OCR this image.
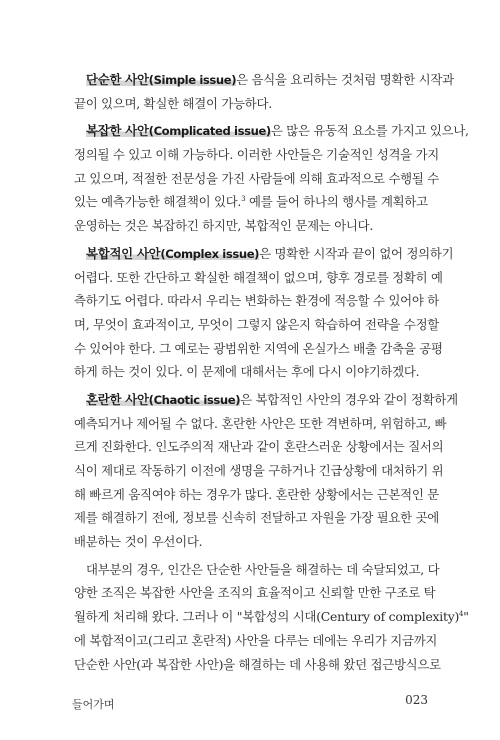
단순한 사안(Simple issue)은 음식을 요리하는 것처럼 명확한 시작과
끝이 있으며, 확실한 해결이 가능하다.
복잡한 사안(Complicated issue)은 많은 유동적 요소를 가지고 있으나,
정의될 수 있고 이해 가능하다. 이러한 사안들은 기술적인 성격을 가지
고 있으며, 적절한 전문성을 가진 사람들에 의해 효과적으로 수행될 수
있는 예측가능한 해결책이 있다.$^3$ 예를 들어 하나의 행사를 계획하고
운영하는 것은 복잡하긴 하지만, 복합적인 문제는 아니다.
복합적인 사안(Complex issue)은 명확한 시작과 끝이 없어 정의하기
어렵다. 또한 간단하고 확실한 해결책이 없으며, 향후 경로를 정확히 예
측하기도 어렵다. 따라서 우리는 변화하는 환경에 적응할 수 있어야 하
며, 무엇이 효과적이고, 무엇이 그렇지 않은지 학습하여 전략을 수정할
수 있어야 한다. 그 예로는 광범위한 지역에 온실가스 배출 감축을 공평
하게 하는 것이 있다. 이 문제에 대해서는 후에 다시 이야기하겠다.
혼란한 사안(Chaotic issue)은 복합적인 사안의 경우와 같이 정확하게
예측되거나 제어될 수 없다. 혼란한 사안은 또한 격변하며, 위험하고, 빠
르게 진화한다. 인도주의적 재난과 같이 혼란스러운 상황에서는 질서의
식이 제대로 작동하기 이전에 생명을 구하거나 긴급상황에 대처하기 위
해 빠르게 움직여야 하는 경우가 많다. 혼란한 상황에서는 근본적인 문
제를 해결하기 전에, 정보를 신속히 전달하고 자원을 가장 필요한 곳에
배분하는 것이 우선이다.
대부분의 경우, 인간은 단순한 사안들을 해결하는 데 숙달되었고, 다
양한 조직은 복잡한 사안을 조직의 효율적이고 신뢰할 만한 구조로 탁
월하게 처리해 왔다. 그러나 이 "복합성의 시대(Century of complexity)$^4$"
에 복합적이고(그리고 혼란적) 사안을 다루는 데에는 우리가 지금까지
단순한 사안(과 복잡한 사안)을 해결하는 데 사용해 왔던 접근방식으로
들어가며	023
